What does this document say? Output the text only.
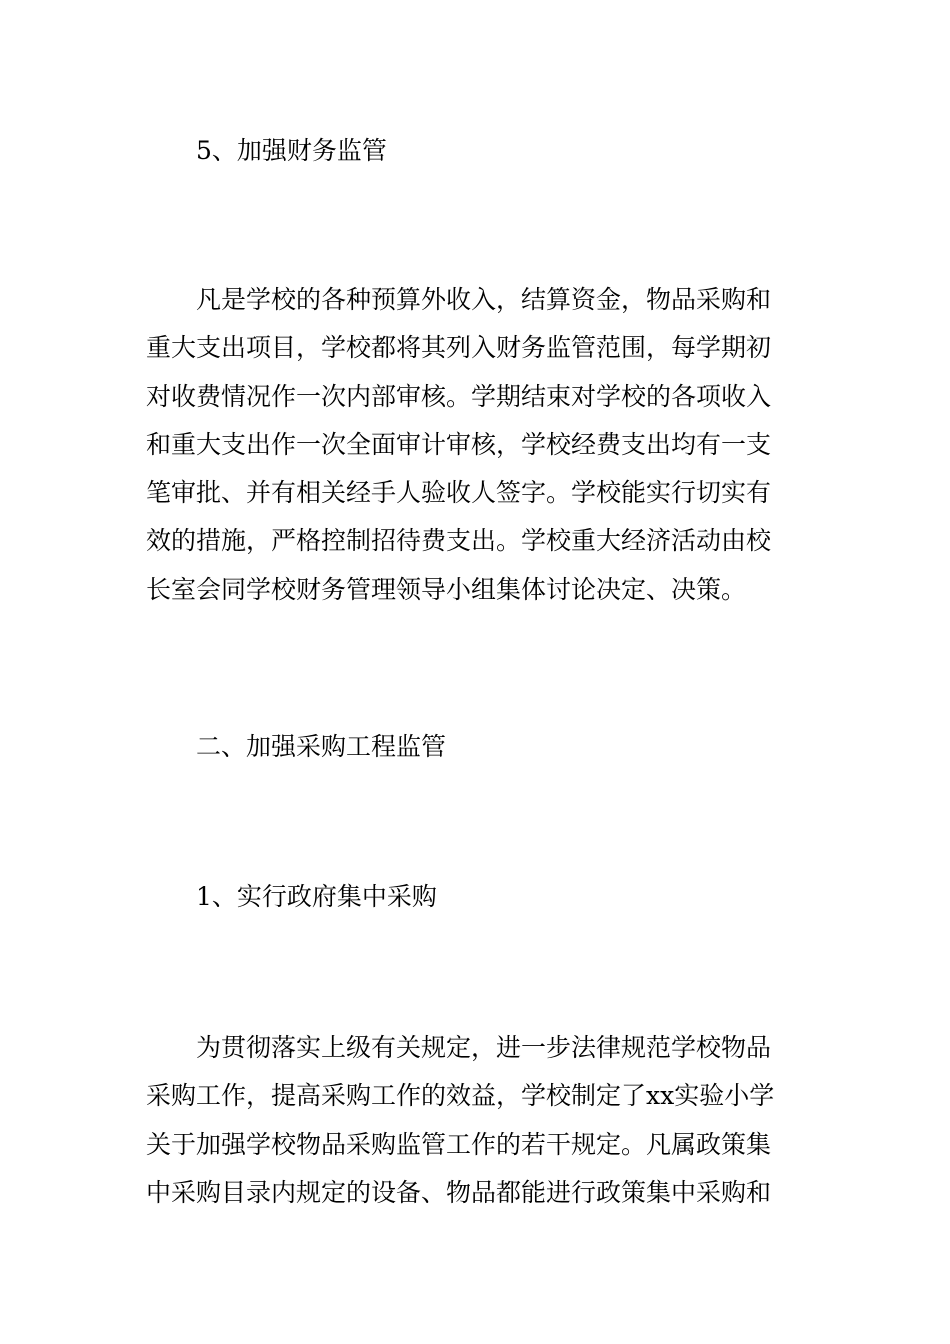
5、加强财务监管
凡是学校的各种预算外收入，结算资金，物品采购和
重大支出项目，学校都将其列入财务监管范围，每学期初
对收费情况作一次内部审核。学期结束对学校的各项收入
和重大支出作一次全面审计审核，学校经费支出均有一支
笔审批、并有相关经手人验收人签字。学校能实行切实有
效的措施，严格控制招待费支出。学校重大经济活动由校
长室会同学校财务管理领导小组集体讨论决定、决策。
二、加强采购工程监管
1、实行政府集中采购
为贯彻落实上级有关规定，进一步法律规范学校物品
采购工作，提高采购工作的效益，学校制定了xx实验小学
关于加强学校物品采购监管工作的若干规定。凡属政策集
中采购目录内规定的设备、物品都能进行政策集中采购和
